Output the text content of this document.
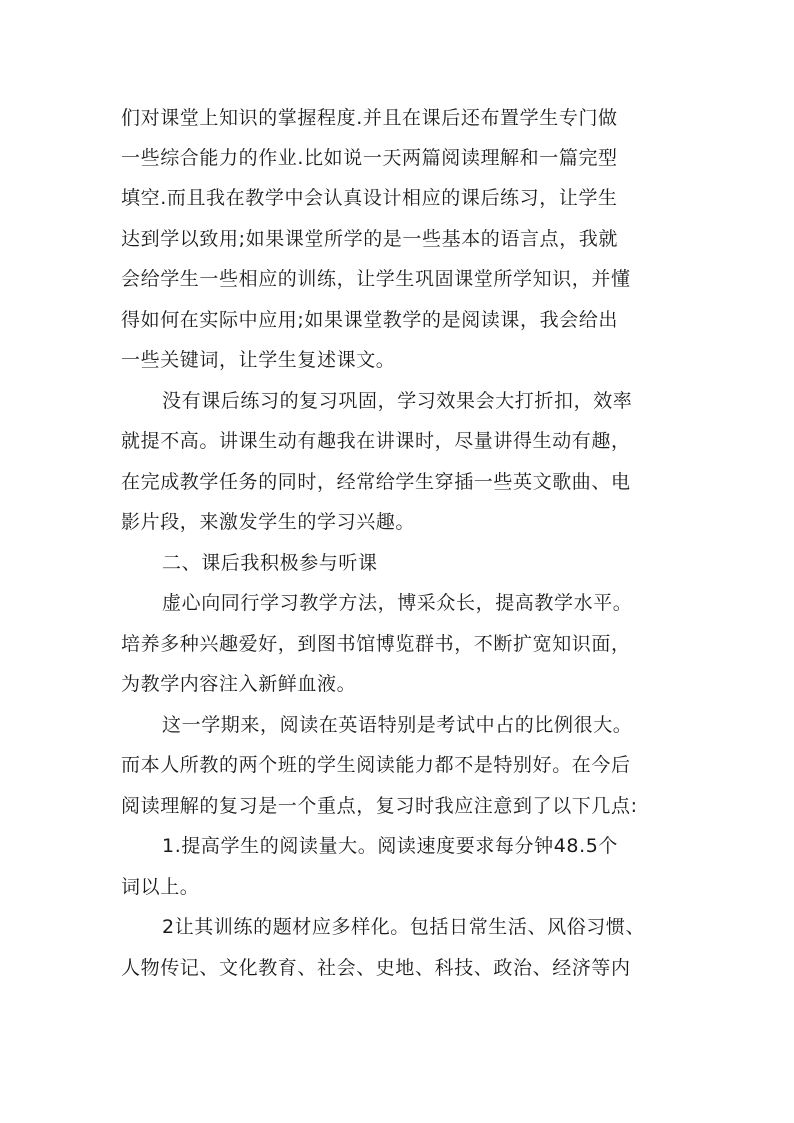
们对课堂上知识的掌握程度.并且在课后还布置学生专门做
一些综合能力的作业.比如说一天两篇阅读理解和一篇完型
填空.而且我在教学中会认真设计相应的课后练习，让学生
达到学以致用;如果课堂所学的是一些基本的语言点，我就
会给学生一些相应的训练，让学生巩固课堂所学知识，并懂
得如何在实际中应用;如果课堂教学的是阅读课，我会给出
一些关键词，让学生复述课文。
没有课后练习的复习巩固，学习效果会大打折扣，效率
就提不高。讲课生动有趣我在讲课时，尽量讲得生动有趣，
在完成教学任务的同时，经常给学生穿插一些英文歌曲、电
影片段，来激发学生的学习兴趣。
二、课后我积极参与听课
虚心向同行学习教学方法，博采众长，提高教学水平。
培养多种兴趣爱好，到图书馆博览群书，不断扩宽知识面，
为教学内容注入新鲜血液。
这一学期来，阅读在英语特别是考试中占的比例很大。
而本人所教的两个班的学生阅读能力都不是特别好。在今后
阅读理解的复习是一个重点，复习时我应注意到了以下几点:
1.提高学生的阅读量大。阅读速度要求每分钟48.5个
词以上。
2让其训练的题材应多样化。包括日常生活、风俗习惯、
人物传记、文化教育、社会、史地、科技、政治、经济等内
